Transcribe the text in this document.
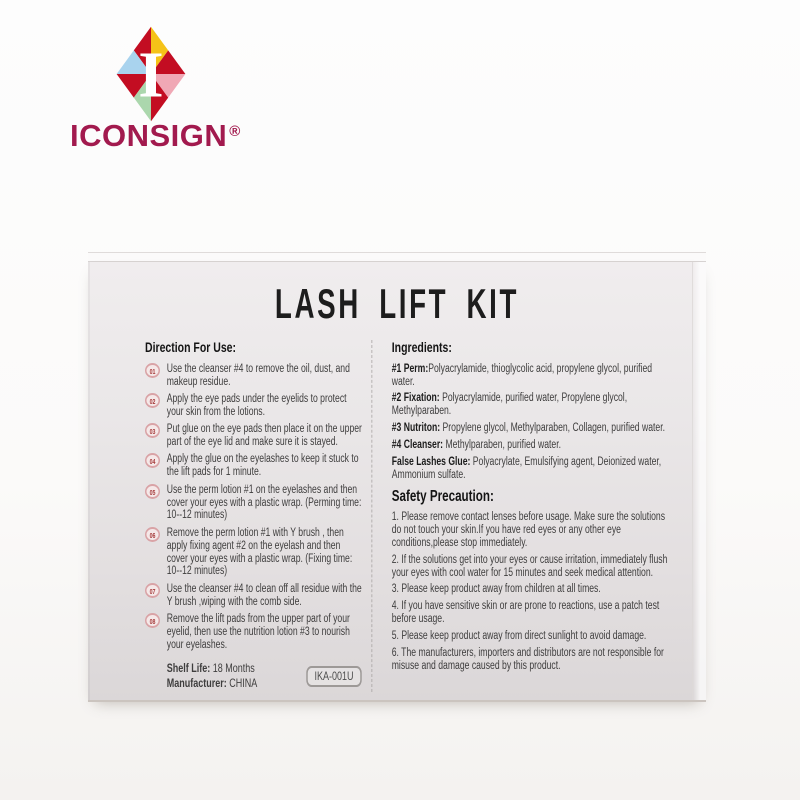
I
ICONSIGN ®
LASH LIFT KIT
Direction For Use:
01 Use the cleanser #4 to remove the oil, dust, and makeup residue.
02 Apply the eye pads under the eyelids to protect your skin from the lotions.
03 Put glue on the eye pads then place it on the upper part of the eye lid and make sure it is stayed.
04 Apply the glue on the eyelashes to keep it stuck to the lift pads for 1 minute.
05 Use the perm lotion #1 on the eyelashes and then cover your eyes with a plastic wrap. (Perming time: 10--12 minutes)
06 Remove the perm lotion #1 with Y brush , then apply fixing agent #2 on the eyelash and then cover your eyes with a plastic wrap. (Fixing time: 10--12 minutes)
07 Use the cleanser #4 to clean off all residue with the Y brush ,wiping with the comb side.
08 Remove the lift pads from the upper part of your eyelid, then use the nutrition lotion #3 to nourish your eyelashes.
Shelf Life: 18 Months
Manufacturer: CHINA
IKA-001U
Ingredients:
#1 Perm:Polyacrylamide, thioglycolic acid, propylene glycol, purified water.
#2 Fixation: Polyacrylamide, purified water, Propylene glycol, Methylparaben.
#3 Nutriton: Propylene glycol, Methylparaben, Collagen, purified water.
#4 Cleanser: Methylparaben, purified water.
False Lashes Glue: Polyacrylate, Emulsifying agent, Deionized water, Ammonium sulfate.
Safety Precaution:
1. Please remove contact lenses before usage. Make sure the solutions do not touch your skin.If you have red eyes or any other eye conditions,please stop immediately.
2. If the solutions get into your eyes or cause irritation, immediately flush your eyes with cool water for 15 minutes and seek medical attention.
3. Please keep product away from children at all times.
4. If you have sensitive skin or are prone to reactions, use a patch test before usage.
5. Please keep product away from direct sunlight to avoid damage.
6. The manufacturers, importers and distributors are not responsible for misuse and damage caused by this product.
